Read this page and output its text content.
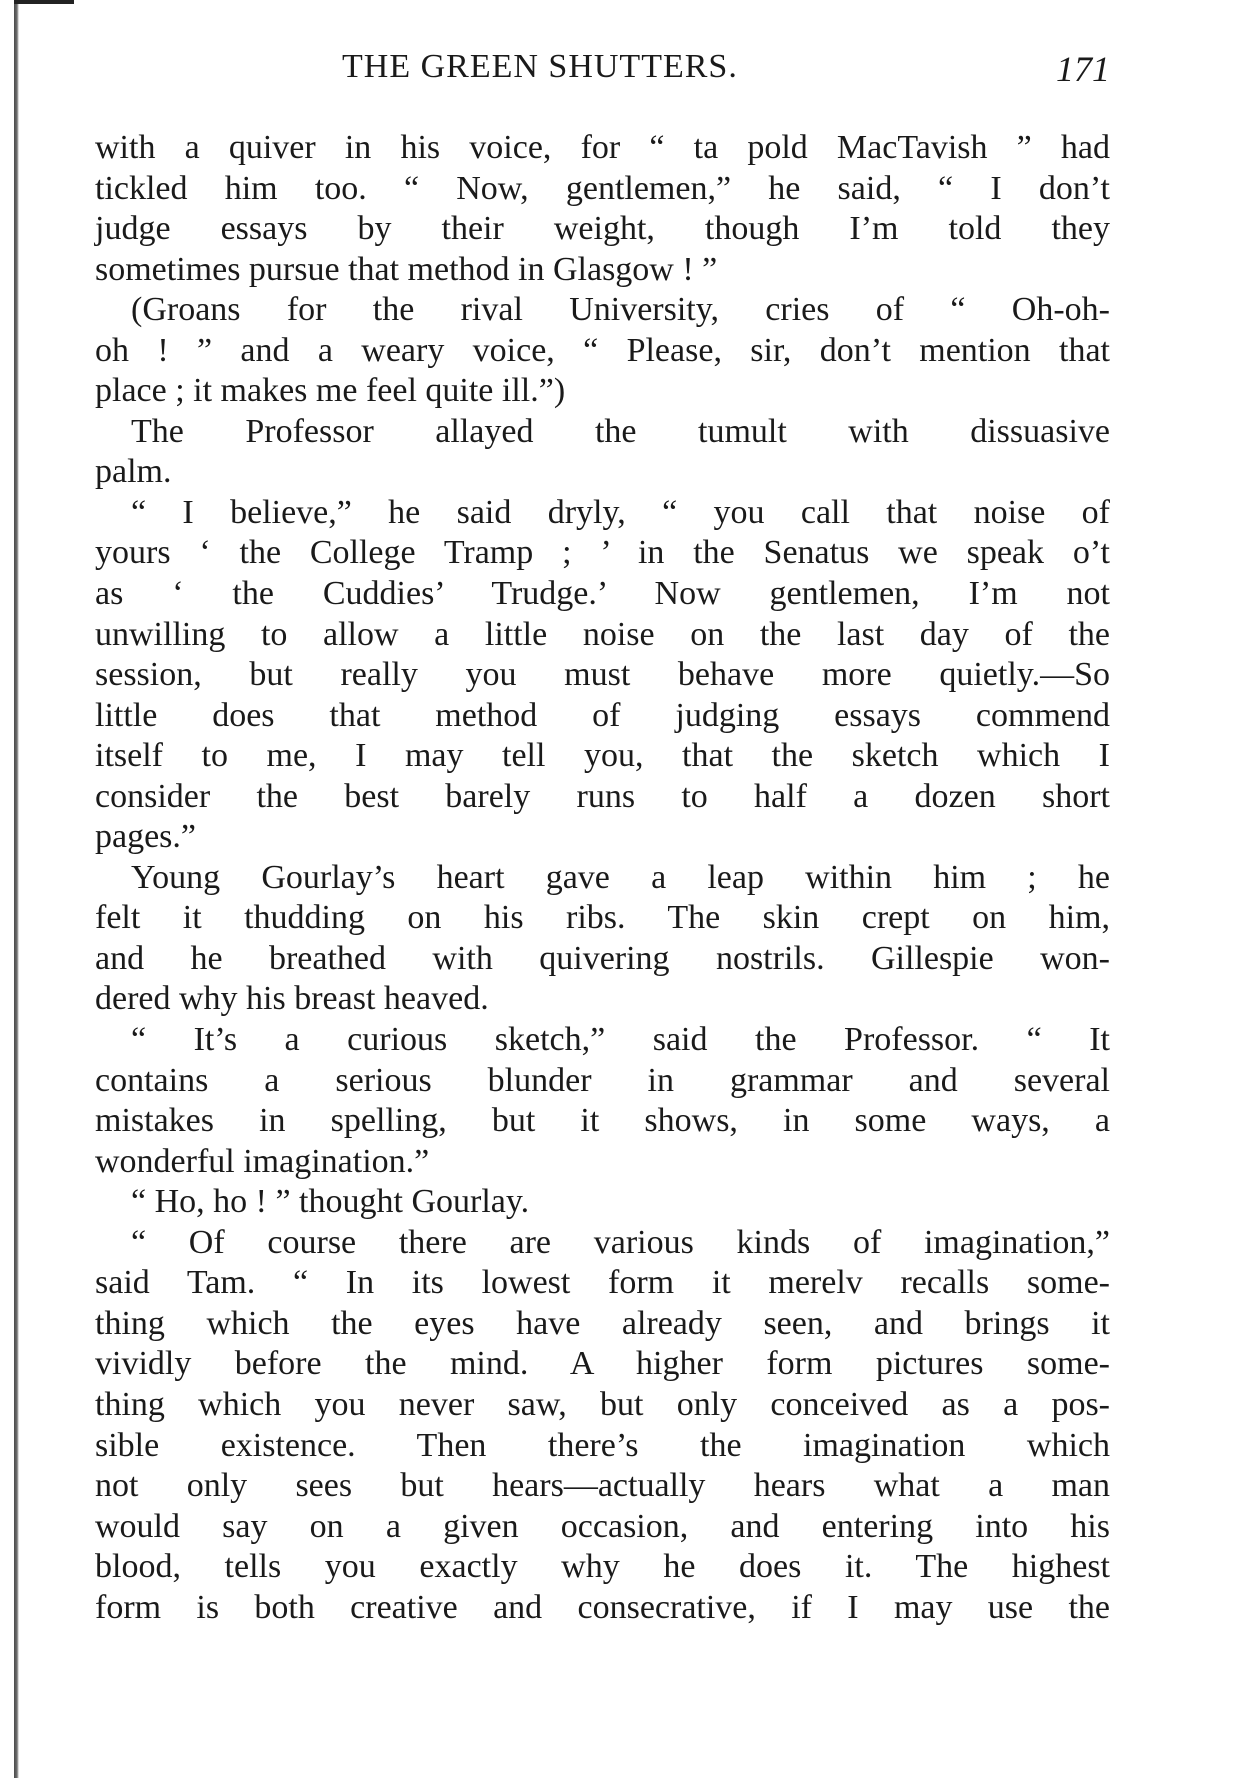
THE GREEN SHUTTERS.	171
with a quiver in his voice, for “ ta pold MacTavish ” had
tickled him too. “ Now, gentlemen,” he said, “ I don’t
judge essays by their weight, though I’m told they
sometimes pursue that method in Glasgow ! ”
(Groans for the rival University, cries of “ Oh-oh-
oh ! ” and a weary voice, “ Please, sir, don’t mention that
place ; it makes me feel quite ill.”)
The Professor allayed the tumult with dissuasive
palm.
“ I believe,” he said dryly, “ you call that noise of
yours ‘ the College Tramp ; ’ in the Senatus we speak o’t
as ‘ the Cuddies’ Trudge.’ Now gentlemen, I’m not
unwilling to allow a little noise on the last day of the
session, but really you must behave more quietly.—So
little does that method of judging essays commend
itself to me, I may tell you, that the sketch which I
consider the best barely runs to half a dozen short
pages.”
Young Gourlay’s heart gave a leap within him ; he
felt it thudding on his ribs. The skin crept on him,
and he breathed with quivering nostrils. Gillespie won-
dered why his breast heaved.
“ It’s a curious sketch,” said the Professor. “ It
contains a serious blunder in grammar and several
mistakes in spelling, but it shows, in some ways, a
wonderful imagination.”
“ Ho, ho ! ” thought Gourlay.
“ Of course there are various kinds of imagination,”
said Tam. “ In its lowest form it merelv recalls some-
thing which the eyes have already seen, and brings it
vividly before the mind. A higher form pictures some-
thing which you never saw, but only conceived as a pos-
sible existence. Then there’s the imagination which
not only sees but hears—actually hears what a man
would say on a given occasion, and entering into his
blood, tells you exactly why he does it. The highest
form is both creative and consecrative, if I may use the
